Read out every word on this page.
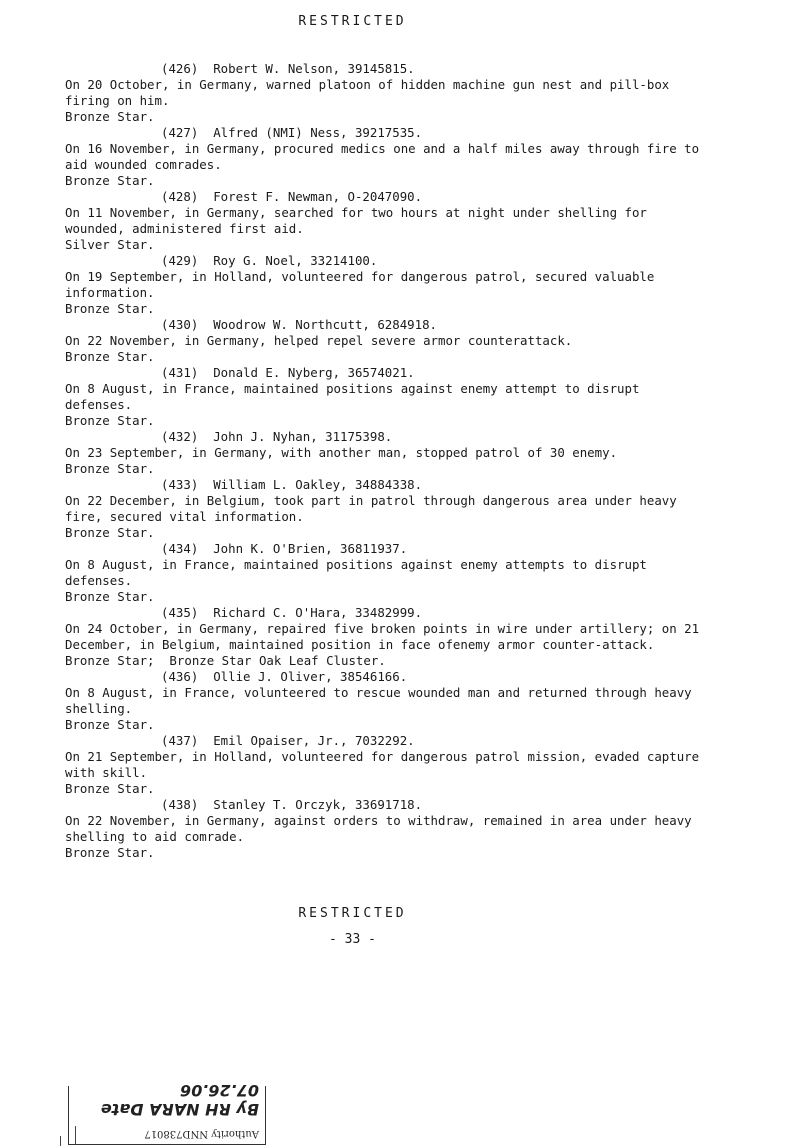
RESTRICTED
(426)  Robert W. Nelson, 39145815.
On 20 October, in Germany, warned platoon of hidden machine gun nest and pill-box firing on him.
Bronze Star.
(427)  Alfred (NMI) Ness, 39217535.
On 16 November, in Germany, procured medics one and a half miles away through fire to aid wounded comrades.
Bronze Star.
(428)  Forest F. Newman, O-2047090.
On 11 November, in Germany, searched for two hours at night under shelling for wounded, administered first aid.
Silver Star.
(429)  Roy G. Noel, 33214100.
On 19 September, in Holland, volunteered for dangerous patrol, secured valuable information.
Bronze Star.
(430)  Woodrow W. Northcutt, 6284918.
On 22 November, in Germany, helped repel severe armor counterattack.
Bronze Star.
(431)  Donald E. Nyberg, 36574021.
On 8 August, in France, maintained positions against enemy attempt to disrupt defenses.
Bronze Star.
(432)  John J. Nyhan, 31175398.
On 23 September, in Germany, with another man, stopped patrol of 30 enemy.
Bronze Star.
(433)  William L. Oakley, 34884338.
On 22 December, in Belgium, took part in patrol through dangerous area under heavy fire, secured vital information.
Bronze Star.
(434)  John K. O'Brien, 36811937.
On 8 August, in France, maintained positions against enemy attempts to disrupt defenses.
Bronze Star.
(435)  Richard C. O'Hara, 33482999.
On 24 October, in Germany, repaired five broken points in wire under artillery; on 21 December, in Belgium, maintained position in face ofenemy armor counter-attack.
Bronze Star;  Bronze Star Oak Leaf Cluster.
(436)  Ollie J. Oliver, 38546166.
On 8 August, in France, volunteered to rescue wounded man and returned through heavy shelling.
Bronze Star.
(437)  Emil Opaiser, Jr., 7032292.
On 21 September, in Holland, volunteered for dangerous patrol mission, evaded capture with skill.
Bronze Star.
(438)  Stanley T. Orczyk, 33691718.
On 22 November, in Germany, against orders to withdraw, remained in area under heavy shelling to aid comrade.
Bronze Star.
RESTRICTED
- 33 -
Authority NND738017
By RH NARA Date 07.26.06
